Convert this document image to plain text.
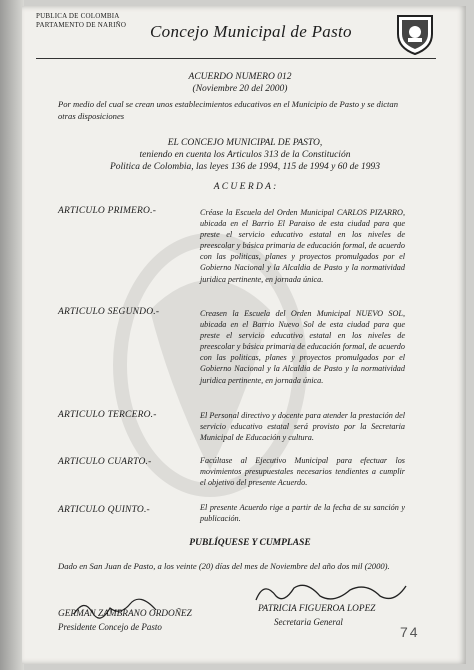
PUBLICA DE COLOMBIA
PARTAMENTO DE NARIÑO Concejo Municipal de Pasto
ACUERDO NUMERO 012
(Noviembre 20 del 2000)
Por medio del cual se crean unos establecimientos educativos en el Municipio de Pasto y se dictan otras disposiciones
EL CONCEJO MUNICIPAL DE PASTO,
teniendo en cuenta los Articulos 313 de la Constitución
Politica de Colombia, las leyes 136 de 1994, 115 de 1994 y 60 de 1993
A C U E R D A :
ARTICULO PRIMERO.-	Créase la Escuela del Orden Municipal CARLOS PIZARRO, ubicada en el Barrio El Paraiso de esta ciudad para que preste el servicio educativo estatal en los niveles de preescolar y básica primaria de educación formal, de acuerdo con las politicas, planes y proyectos promulgados por el Gobierno Nacional y la Alcaldia de Pasto y la normatividad juridica pertinente, en jornada única.
ARTICULO SEGUNDO.-	Creasen la Escuela del Orden Municipal NUEVO SOL, ubicada en el Barrio Nuevo Sol de esta ciudad para que preste el servicio educativo estatal en los niveles de preescolar y básica primaria de educación formal, de acuerdo con las politicas, planes y proyectos promulgados por el Gobierno Nacional y la Alcaldia de Pasto y la normatividad juridica pertinente, en jornada única.
ARTICULO TERCERO.-	El Personal directivo y docente para atender la prestación del servicio educativo estatal será provisto por la Secretaria Municipal de Educación y cultura.
ARTICULO CUARTO.-	Facúltase al Ejecutivo Municipal para efectuar los movimientos presupuestales necesarios tendientes a cumplir el objetivo del presente Acuerdo.
ARTICULO QUINTO.-	El presente Acuerdo rige a partir de la fecha de su sanción y publicación.
PUBLÍQUESE Y CUMPLASE
Dado en San Juan de Pasto, a los veinte (20) días del mes de Noviembre del año dos mil (2000).
GERMAN ZAMBRANO ORDOÑEZ
Presidente Concejo de Pasto
PATRICIA FIGUEROA LOPEZ
Secretaria General
74
